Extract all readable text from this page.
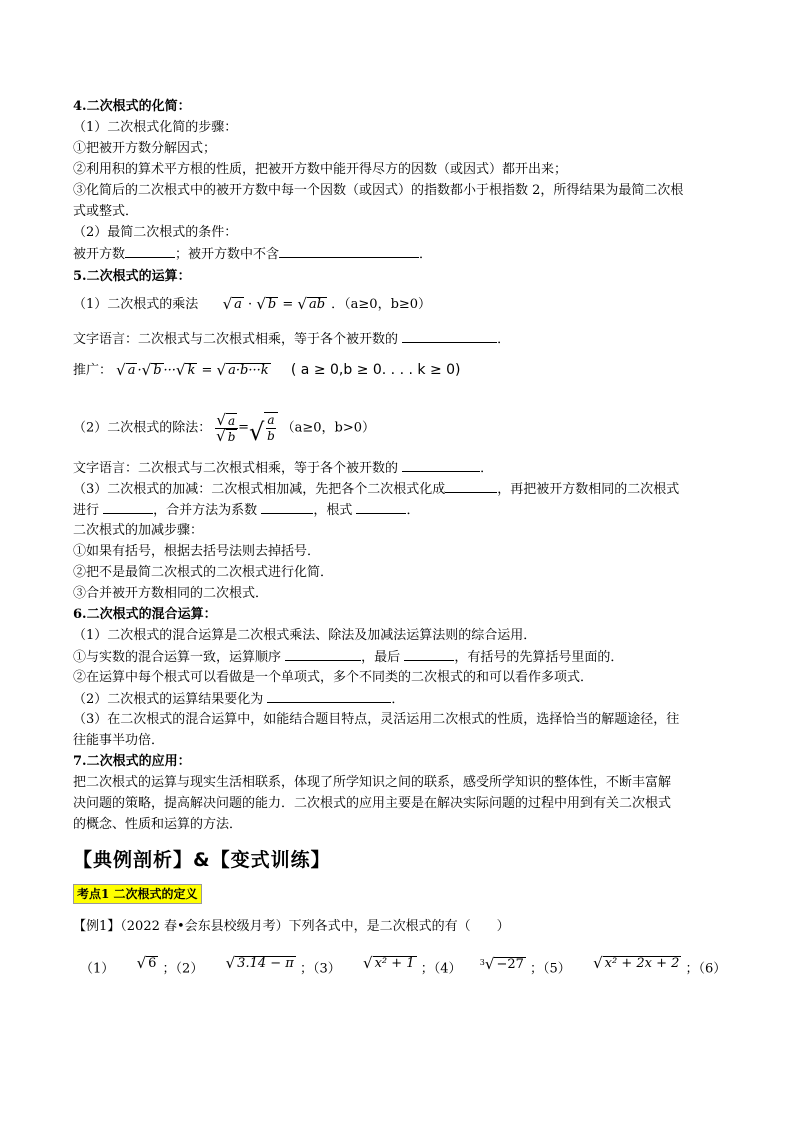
4.二次根式的化简：
（1）二次根式化简的步骤：
①把被开方数分解因式；
②利用积的算术平方根的性质，把被开方数中能开得尽方的因数（或因式）都开出来；
③化简后的二次根式中的被开方数中每一个因数（或因式）的指数都小于根指数 2，所得结果为最简二次根
式或整式．
（2）最简二次根式的条件：
被开方数	；被开方数中不含	．
5.二次根式的运算：
（1）二次根式的乘法 √ a · √ b = √ ab ．（a≥0，b≥0）
文字语言：二次根式与二次根式相乘，等于各个被开数的	．
推广： √ a · √ b ··· √ k = √ a·b···k ( a ≥ 0,b ≥ 0. . . . k ≥ 0)
（2）二次根式的除法： $\frac{√ a}{√ b}$ = √ $\frac{a}{b} (a\ge 0$，b>0）
文字语言：二次根式与二次根式相乘，等于各个被开数的	．
（3）二次根式的加减：二次根式相加减，先把各个二次根式化成	，再把被开方数相同的二次根式
进行	，合并方法为系数	，根式	．
二次根式的加减步骤：
①如果有括号，根据去括号法则去掉括号．
②把不是最简二次根式的二次根式进行化简．
③合并被开方数相同的二次根式．
6.二次根式的混合运算：
（1）二次根式的混合运算是二次根式乘法、除法及加减法运算法则的综合运用．
①与实数的混合运算一致，运算顺序	，最后	，有括号的先算括号里面的．
②在运算中每个根式可以看做是一个单项式，多个不同类的二次根式的和可以看作多项式．
（2）二次根式的运算结果要化为	．
（3）在二次根式的混合运算中，如能结合题目特点，灵活运用二次根式的性质，选择恰当的解题途径，往
往能事半功倍．
7.二次根式的应用：
把二次根式的运算与现实生活相联系，体现了所学知识之间的联系，感受所学知识的整体性，不断丰富解
决问题的策略，提高解决问题的能力．二次根式的应用主要是在解决实际问题的过程中用到有关二次根式
的概念、性质和运算的方法．
【典例剖析】&【变式训练】
考点1 二次根式的定义
【例1】（2022 春•会东县校级月考）下列各式中，是二次根式的有（　　）
（1） √ 6 ；（2） √ 3.14 − π ；（3） √ x² + 1 ；（4） 3 √ −27 ；（5） √ x² + 2x + 2 ；（6）
